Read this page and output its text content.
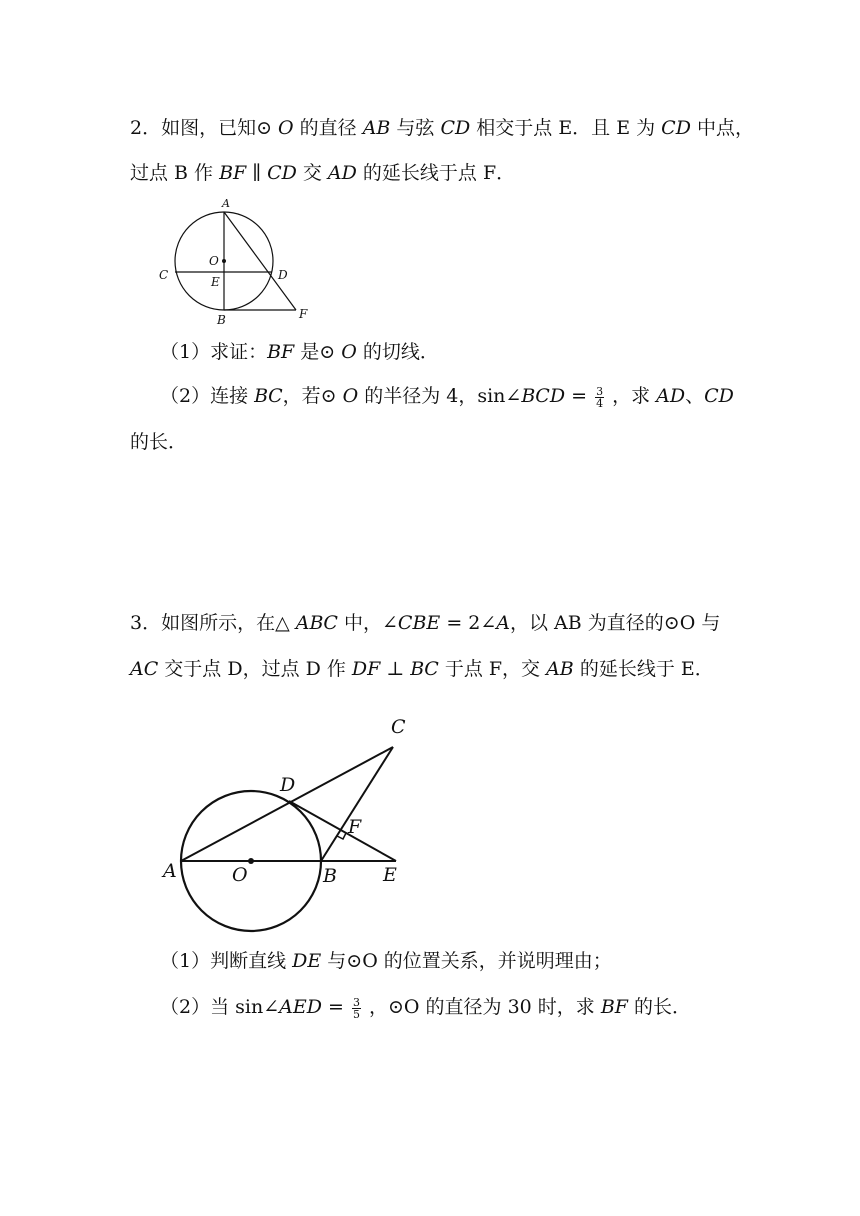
2．如图，已知⊙ 𝑂 的直径 𝐴𝐵 与弦 𝐶𝐷 相交于点 E．且 E 为 𝐶𝐷 中点，
过点 B 作 𝐵𝐹 ∥ 𝐶𝐷 交 𝐴𝐷 的延长线于点 F．
A
O
C	D
E
B	F
（1）求证：𝐵𝐹 是⊙ 𝑂 的切线．
（2）连接 𝐵𝐶，若⊙ 𝑂 的半径为 4，sin∠𝐵𝐶𝐷 = $\frac{3}{4}$ ，求 𝐴𝐷、𝐶𝐷
的长．
3．如图所示，在△ 𝐴𝐵𝐶 中，∠𝐶𝐵𝐸 = 2∠𝐴，以 AB 为直径的⊙O 与
𝐴𝐶 交于点 D，过点 D 作 𝐷𝐹 ⊥ 𝐵𝐶 于点 F，交 𝐴𝐵 的延长线于 E．
A	O	B E
C
D
F
（1）判断直线 𝐷𝐸 与⊙O 的位置关系，并说明理由；
（2）当 sin∠𝐴𝐸𝐷 = $\frac{3}{5}$ ，⊙O 的直径为 30 时，求 𝐵𝐹 的长．
